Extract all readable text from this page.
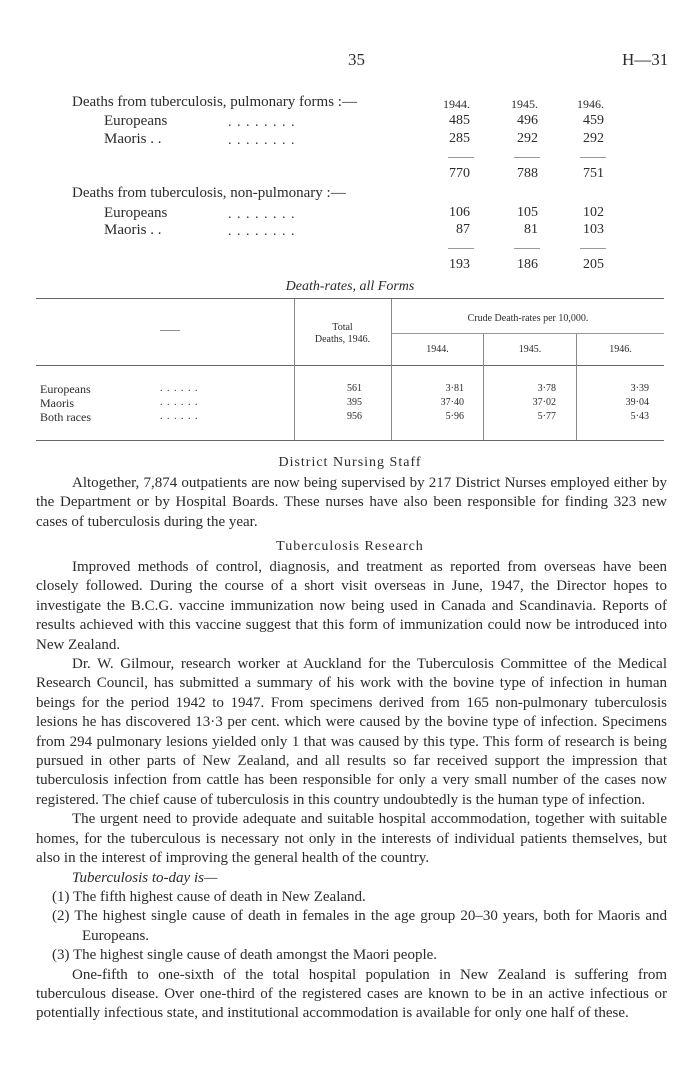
35	H—31
Deaths from tuberculosis, pulmonary forms :—	1944.	1945.	1946.
Europeans	. . . . . . . .	485	496	459
Maoris . .	. . . . . . . .	285	292	292
770	788	751
Deaths from tuberculosis, non-pulmonary :—
Europeans	. . . . . . . .	106	105	102
Maoris . .	. . . . . . . .	87	81	103
193	186	205
Death-rates, all Forms
——	Total
Deaths, 1946.
Crude Death-rates per 10,000.
1944.	1945.	1946.
Europeans	. . . . . .	561	3·81	3·78	3·39
Maoris	. . . . . .	395	37·40	37·02	39·04
Both races	. . . . . .	956	5·96	5·77	5·43
District Nursing Staff

Altogether, 7,874 outpatients are now being supervised by 217 District Nurses employed either by the Department or by Hospital Boards. These nurses have also been responsible for finding 323 new cases of tuberculosis during the year.

Tuberculosis Research

Improved methods of control, diagnosis, and treatment as reported from overseas have been closely followed. During the course of a short visit overseas in June, 1947, the Director hopes to investigate the B.C.G. vaccine immunization now being used in Canada and Scandinavia. Reports of results achieved with this vaccine suggest that this form of immunization could now be introduced into New Zealand.

Dr. W. Gilmour, research worker at Auckland for the Tuberculosis Committee of the Medical Research Council, has submitted a summary of his work with the bovine type of infection in human beings for the period 1942 to 1947. From specimens derived from 165 non-pulmonary tuberculosis lesions he has discovered 13·3 per cent. which were caused by the bovine type of infection. Specimens from 294 pulmonary lesions yielded only 1 that was caused by this type. This form of research is being pursued in other parts of New Zealand, and all results so far received support the impression that tuberculosis infection from cattle has been responsible for only a very small number of the cases now registered. The chief cause of tuberculosis in this country undoubtedly is the human type of infection.

The urgent need to provide adequate and suitable hospital accommodation, together with suitable homes, for the tuberculous is necessary not only in the interests of individual patients themselves, but also in the interest of improving the general health of the country.

Tuberculosis to-day is—

(1) The fifth highest cause of death in New Zealand.
(2) The highest single cause of death in females in the age group 20–30 years, both for Maoris and Europeans.
(3) The highest single cause of death amongst the Maori people.

One-fifth to one-sixth of the total hospital population in New Zealand is suffering from tuberculous disease. Over one-third of the registered cases are known to be in an active infectious or potentially infectious state, and institutional accommodation is available for only one half of these.
